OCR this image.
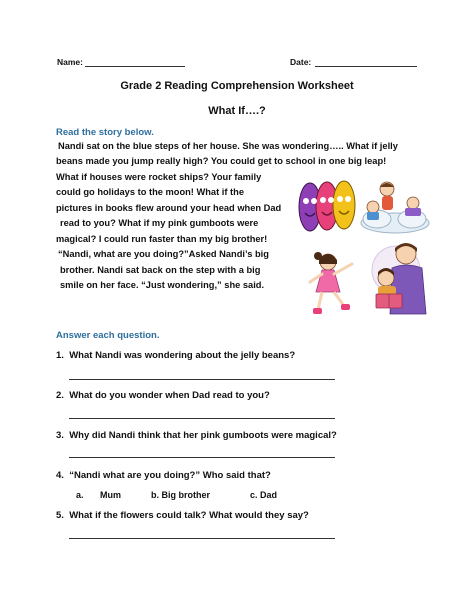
Name:	Date:
Grade 2 Reading Comprehension Worksheet
What If….?
Read the story below.
Nandi sat on the blue steps of her house. She was wondering….. What if jelly
beans made you jump really high? You could get to school in one big leap!
What if houses were rocket ships? Your family
could go holidays to the moon! What if the
pictures in books flew around your head when Dad
read to you? What if my pink gumboots were
magical? I could run faster than my big brother!
“Nandi, what are you doing?”Asked Nandi’s big
brother. Nandi sat back on the step with a big
smile on her face. “Just wondering,” she said.
Answer each question.
1. What Nandi was wondering about the jelly beans?
2. What do you wonder when Dad read to you?
3. Why did Nandi think that her pink gumboots were magical?
4. “Nandi what are you doing?” Who said that?
a. Mum	b. Big brother	c. Dad
5. What if the flowers could talk? What would they say?
